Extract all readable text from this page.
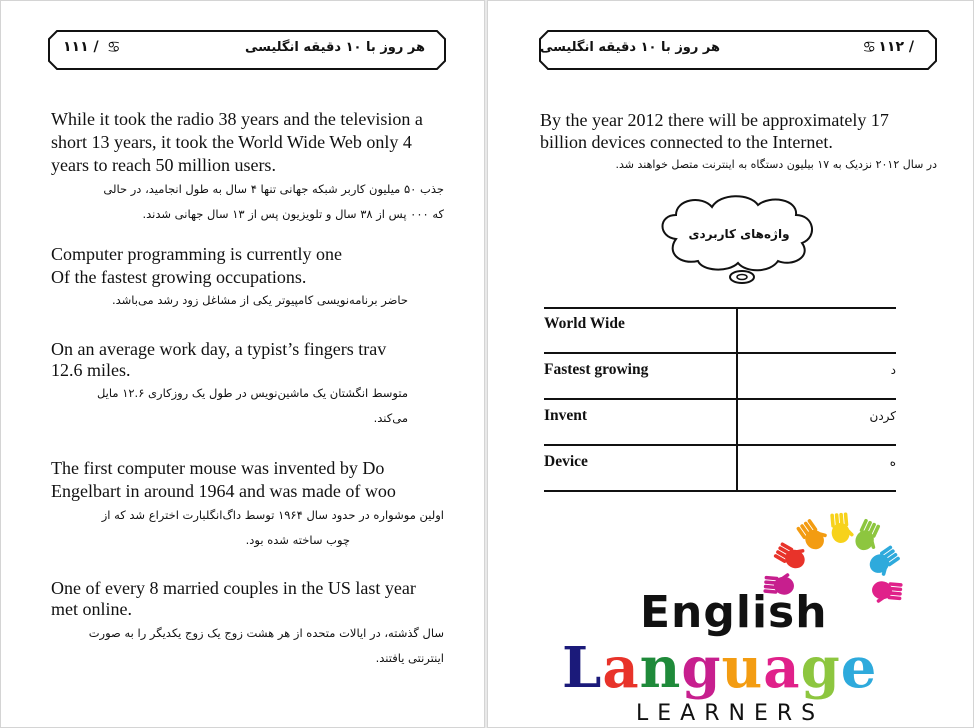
هر روز با ۱۰ دقیقه انگلیسی
۱۱۱ / ♋
While it took the radio 38 years and the television a
short 13 years, it took the World Wide Web only 4
years to reach 50 million users.
جذب ۵۰ میلیون کاربر شبکه جهانی تنها ۴ سال به طول انجامید، در حالی
که ۰۰۰ پس از ۳۸ سال و تلویزیون پس از ۱۳ سال جهانی شدند.
Computer programming is currently one
Of the fastest growing occupations.
حاضر برنامه‌نویسی کامپیوتر یکی از مشاغل زود رشد می‌باشد.
On an average work day, a typist’s fingers trav
12.6 miles.
متوسط انگشتان یک ماشین‌نویس در طول یک روزکاری ۱۲.۶ مایل
می‌کند.
The first computer mouse was invented by Do
Engelbart in around 1964 and was made of woo
اولین موشواره در حدود سال ۱۹۶۴ توسط داگ‌انگلبارت اختراع شد که از
چوب ساخته شده بود.
One of every 8 married couples in the US last year
met online.
سال گذشته، در ایالات متحده از هر هشت زوج یک زوج یکدیگر را به صورت
اینترنتی یافتند.
هر روز با ۱۰ دقیقه انگلیسی	۱۱۲ /
♋
By the year 2012 there will be approximately 17
billion devices connected to the Internet.
در سال ۲۰۱۲ نزدیک به ۱۷ بیلیون دستگاه به اینترنت متصل خواهند شد.
واژه‌های کاربردی
World Wide
Fastest growing	د
Invent	کردن
Device	ه
English
Language
LEARNERS
